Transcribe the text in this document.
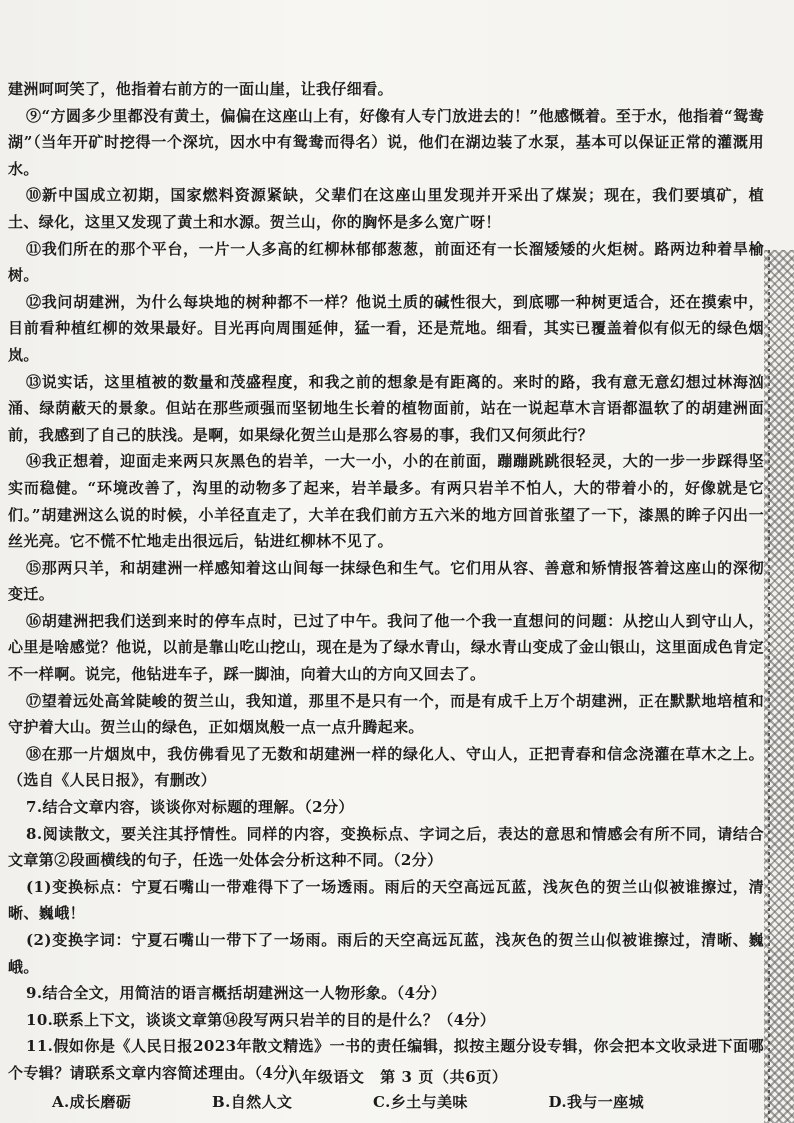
建洲呵呵笑了，他指着右前方的一面山崖，让我仔细看。

⑨“方圆多少里都没有黄土，偏偏在这座山上有，好像有人专门放进去的！”他感慨着。至于水，他指着“鸳鸯湖”（当年开矿时挖得一个深坑，因水中有鸳鸯而得名）说，他们在湖边装了水泵，基本可以保证正常的灌溉用水。

⑩新中国成立初期，国家燃料资源紧缺，父辈们在这座山里发现并开采出了煤炭；现在，我们要填矿，植土、绿化，这里又发现了黄土和水源。贺兰山，你的胸怀是多么宽广呀！

⑪我们所在的那个平台，一片一人多高的红柳林郁郁葱葱，前面还有一长溜矮矮的火炬树。路两边种着旱榆树。

⑫我问胡建洲，为什么每块地的树种都不一样？他说土质的碱性很大，到底哪一种树更适合，还在摸索中，目前看种植红柳的效果最好。目光再向周围延伸，猛一看，还是荒地。细看，其实已覆盖着似有似无的绿色烟岚。

⑬说实话，这里植被的数量和茂盛程度，和我之前的想象是有距离的。来时的路，我有意无意幻想过林海汹涌、绿荫蔽天的景象。但站在那些顽强而坚韧地生长着的植物面前，站在一说起草木言语都温软了的胡建洲面前，我感到了自己的肤浅。是啊，如果绿化贺兰山是那么容易的事，我们又何须此行？

⑭我正想着，迎面走来两只灰黑色的岩羊，一大一小，小的在前面，蹦蹦跳跳很轻灵，大的一步一步踩得坚实而稳健。“环境改善了，沟里的动物多了起来，岩羊最多。有两只岩羊不怕人，大的带着小的，好像就是它们。”胡建洲这么说的时候，小羊径直走了，大羊在我们前方五六米的地方回首张望了一下，漆黑的眸子闪出一丝光亮。它不慌不忙地走出很远后，钻进红柳林不见了。

⑮那两只羊，和胡建洲一样感知着这山间每一抹绿色和生气。它们用从容、善意和矫情报答着这座山的深彻变迁。

⑯胡建洲把我们送到来时的停车点时，已过了中午。我问了他一个我一直想问的问题：从挖山人到守山人，心里是啥感觉？他说，以前是靠山吃山挖山，现在是为了绿水青山，绿水青山变成了金山银山，这里面成色肯定不一样啊。说完，他钻进车子，踩一脚油，向着大山的方向又回去了。

⑰望着远处高耸陡峻的贺兰山，我知道，那里不是只有一个，而是有成千上万个胡建洲，正在默默地培植和守护着大山。贺兰山的绿色，正如烟岚般一点一点升腾起来。

⑱在那一片烟岚中，我仿佛看见了无数和胡建洲一样的绿化人、守山人，正把青春和信念浇灌在草木之上。（选自《人民日报》，有删改）

7.结合文章内容，谈谈你对标题的理解。（2分）

8.阅读散文，要关注其抒情性。同样的内容，变换标点、字词之后，表达的意思和情感会有所不同，请结合文章第②段画横线的句子，任选一处体会分析这种不同。（2分）

(1)变换标点：宁夏石嘴山一带难得下了一场透雨。雨后的天空高远瓦蓝，浅灰色的贺兰山似被谁擦过，清晰、巍峨！

(2)变换字词：宁夏石嘴山一带下了一场雨。雨后的天空高远瓦蓝，浅灰色的贺兰山似被谁擦过，清晰、巍峨。

9.结合全文，用简洁的语言概括胡建洲这一人物形象。（4分）

10.联系上下文，谈谈文章第⑭段写两只岩羊的目的是什么？（4分）

11.假如你是《人民日报2023年散文精选》一书的责任编辑，拟按主题分设专辑，你会把本文收录进下面哪个专辑？请联系文章内容简述理由。（4分）

A.成长磨砺	B.自然人文	C.乡土与美味	D.我与一座城
八年级语文　第 3 页（共6页）
